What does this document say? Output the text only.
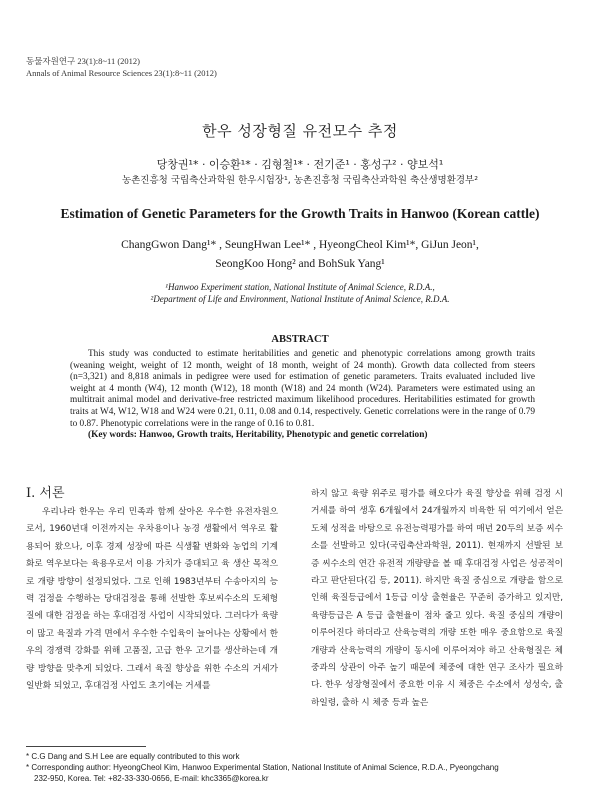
동물자원연구 23(1):8~11 (2012)
Annals of Animal Resource Sciences 23(1):8~11 (2012)
한우 성장형질 유전모수 추정
당창권¹* · 이승환¹* · 김형철¹* · 전기준¹ · 홍성구² · 양보석¹
농촌진흥청 국립축산과학원 한우시험장¹, 농촌진흥청 국립축산과학원 축산생명환경부²
Estimation of Genetic Parameters for the Growth Traits in Hanwoo (Korean cattle)
ChangGwon Dang¹* , SeungHwan Lee¹* , HyeongCheol Kim¹*, GiJun Jeon¹,
SeongKoo Hong² and BohSuk Yang¹
¹Hanwoo Experiment station, National Institute of Animal Science, R.D.A.,
²Department of Life and Environment, National Institute of Animal Science, R.D.A.
ABSTRACT

This study was conducted to estimate heritabilities and genetic and phenotypic correlations among growth traits (weaning weight, weight of 12 month, weight of 18 month, weight of 24 month). Growth data collected from steers (n=3,321) and 8,818 animals in pedigree were used for estimation of genetic parameters. Traits evaluated included live weight at 4 month (W4), 12 month (W12), 18 month (W18) and 24 month (W24). Parameters were estimated using an multitrait animal model and derivative-free restricted maximum likelihood procedures. Heritabilities estimated for growth traits at W4, W12, W18 and W24 were 0.21, 0.11, 0.08 and 0.14, respectively. Genetic correlations were in the range of 0.79 to 0.87. Phenotypic correlations were in the range of 0.16 to 0.81.

(Key words: Hanwoo, Growth traits, Heritability, Phenotypic and genetic correlation)

I. 서론

우리나라 한우는 우리 민족과 함께 살아온 우수한 유전자원으로서, 1960년대 이전까지는 우차용이나 농경 생활에서 역우로 활용되어 왔으나, 이후 경제 성장에 따른 식생활 변화와 농업의 기계화로 역우보다는 육용우로서 이용 가치가 증대되고 육 생산 목적으로 개량 방향이 설정되었다. 그로 인해 1983년부터 수송아지의 능력 검정을 수행하는 당대검정을 통해 선발한 후보씨수소의 도체형질에 대한 검정을 하는 후대검정 사업이 시작되었다. 그러다가 육량이 많고 육질과 가격 면에서 우수한 수입육이 늘어나는 상황에서 한우의 경쟁력 강화를 위해 고품질, 고급 한우 고기를 생산하는데 개량 방향을 맞추게 되었다. 그래서 육질 향상을 위한 수소의 거세가 일반화 되었고, 후대검정 사업도 초기에는 거세를

하지 않고 육량 위주로 평가를 해오다가 육질 향상을 위해 검정 시 거세를 하여 생후 6개월에서 24개월까지 비육한 뒤 여기에서 얻은 도체 성적을 바탕으로 유전능력평가를 하여 매년 20두의 보증 씨수소를 선발하고 있다(국립축산과학원, 2011). 현재까지 선발된 보증 씨수소의 연간 유전적 개량량을 볼 때 후대검정 사업은 성공적이라고 판단된다(김 등, 2011). 하지만 육질 중심으로 개량을 함으로 인해 육질등급에서 1등급 이상 출현율은 꾸준히 증가하고 있지만, 육량등급은 A 등급 출현율이 점차 줄고 있다. 육질 중심의 개량이 이루어진다 하더라고 산육능력의 개량 또한 매우 중요함으로 육질 개량과 산육능력의 개량이 동시에 이루어져야 하고 산육형질은 체중과의 상관이 아주 높기 때문에 체중에 대한 연구 조사가 필요하다. 한우 성장형질에서 중요한 이유 시 체중은 수소에서 성성숙, 출하일령, 출하 시 체중 등과 높은

* C.G Dang and S.H Lee are equally contributed to this work

* Corresponding author: HyeongCheol Kim, Hanwoo Experimental Station, National Institute of Animal Science, R.D.A., Pyeongchang

232-950, Korea. Tel: +82-33-330-0656, E-mail: khc3365@korea.kr
